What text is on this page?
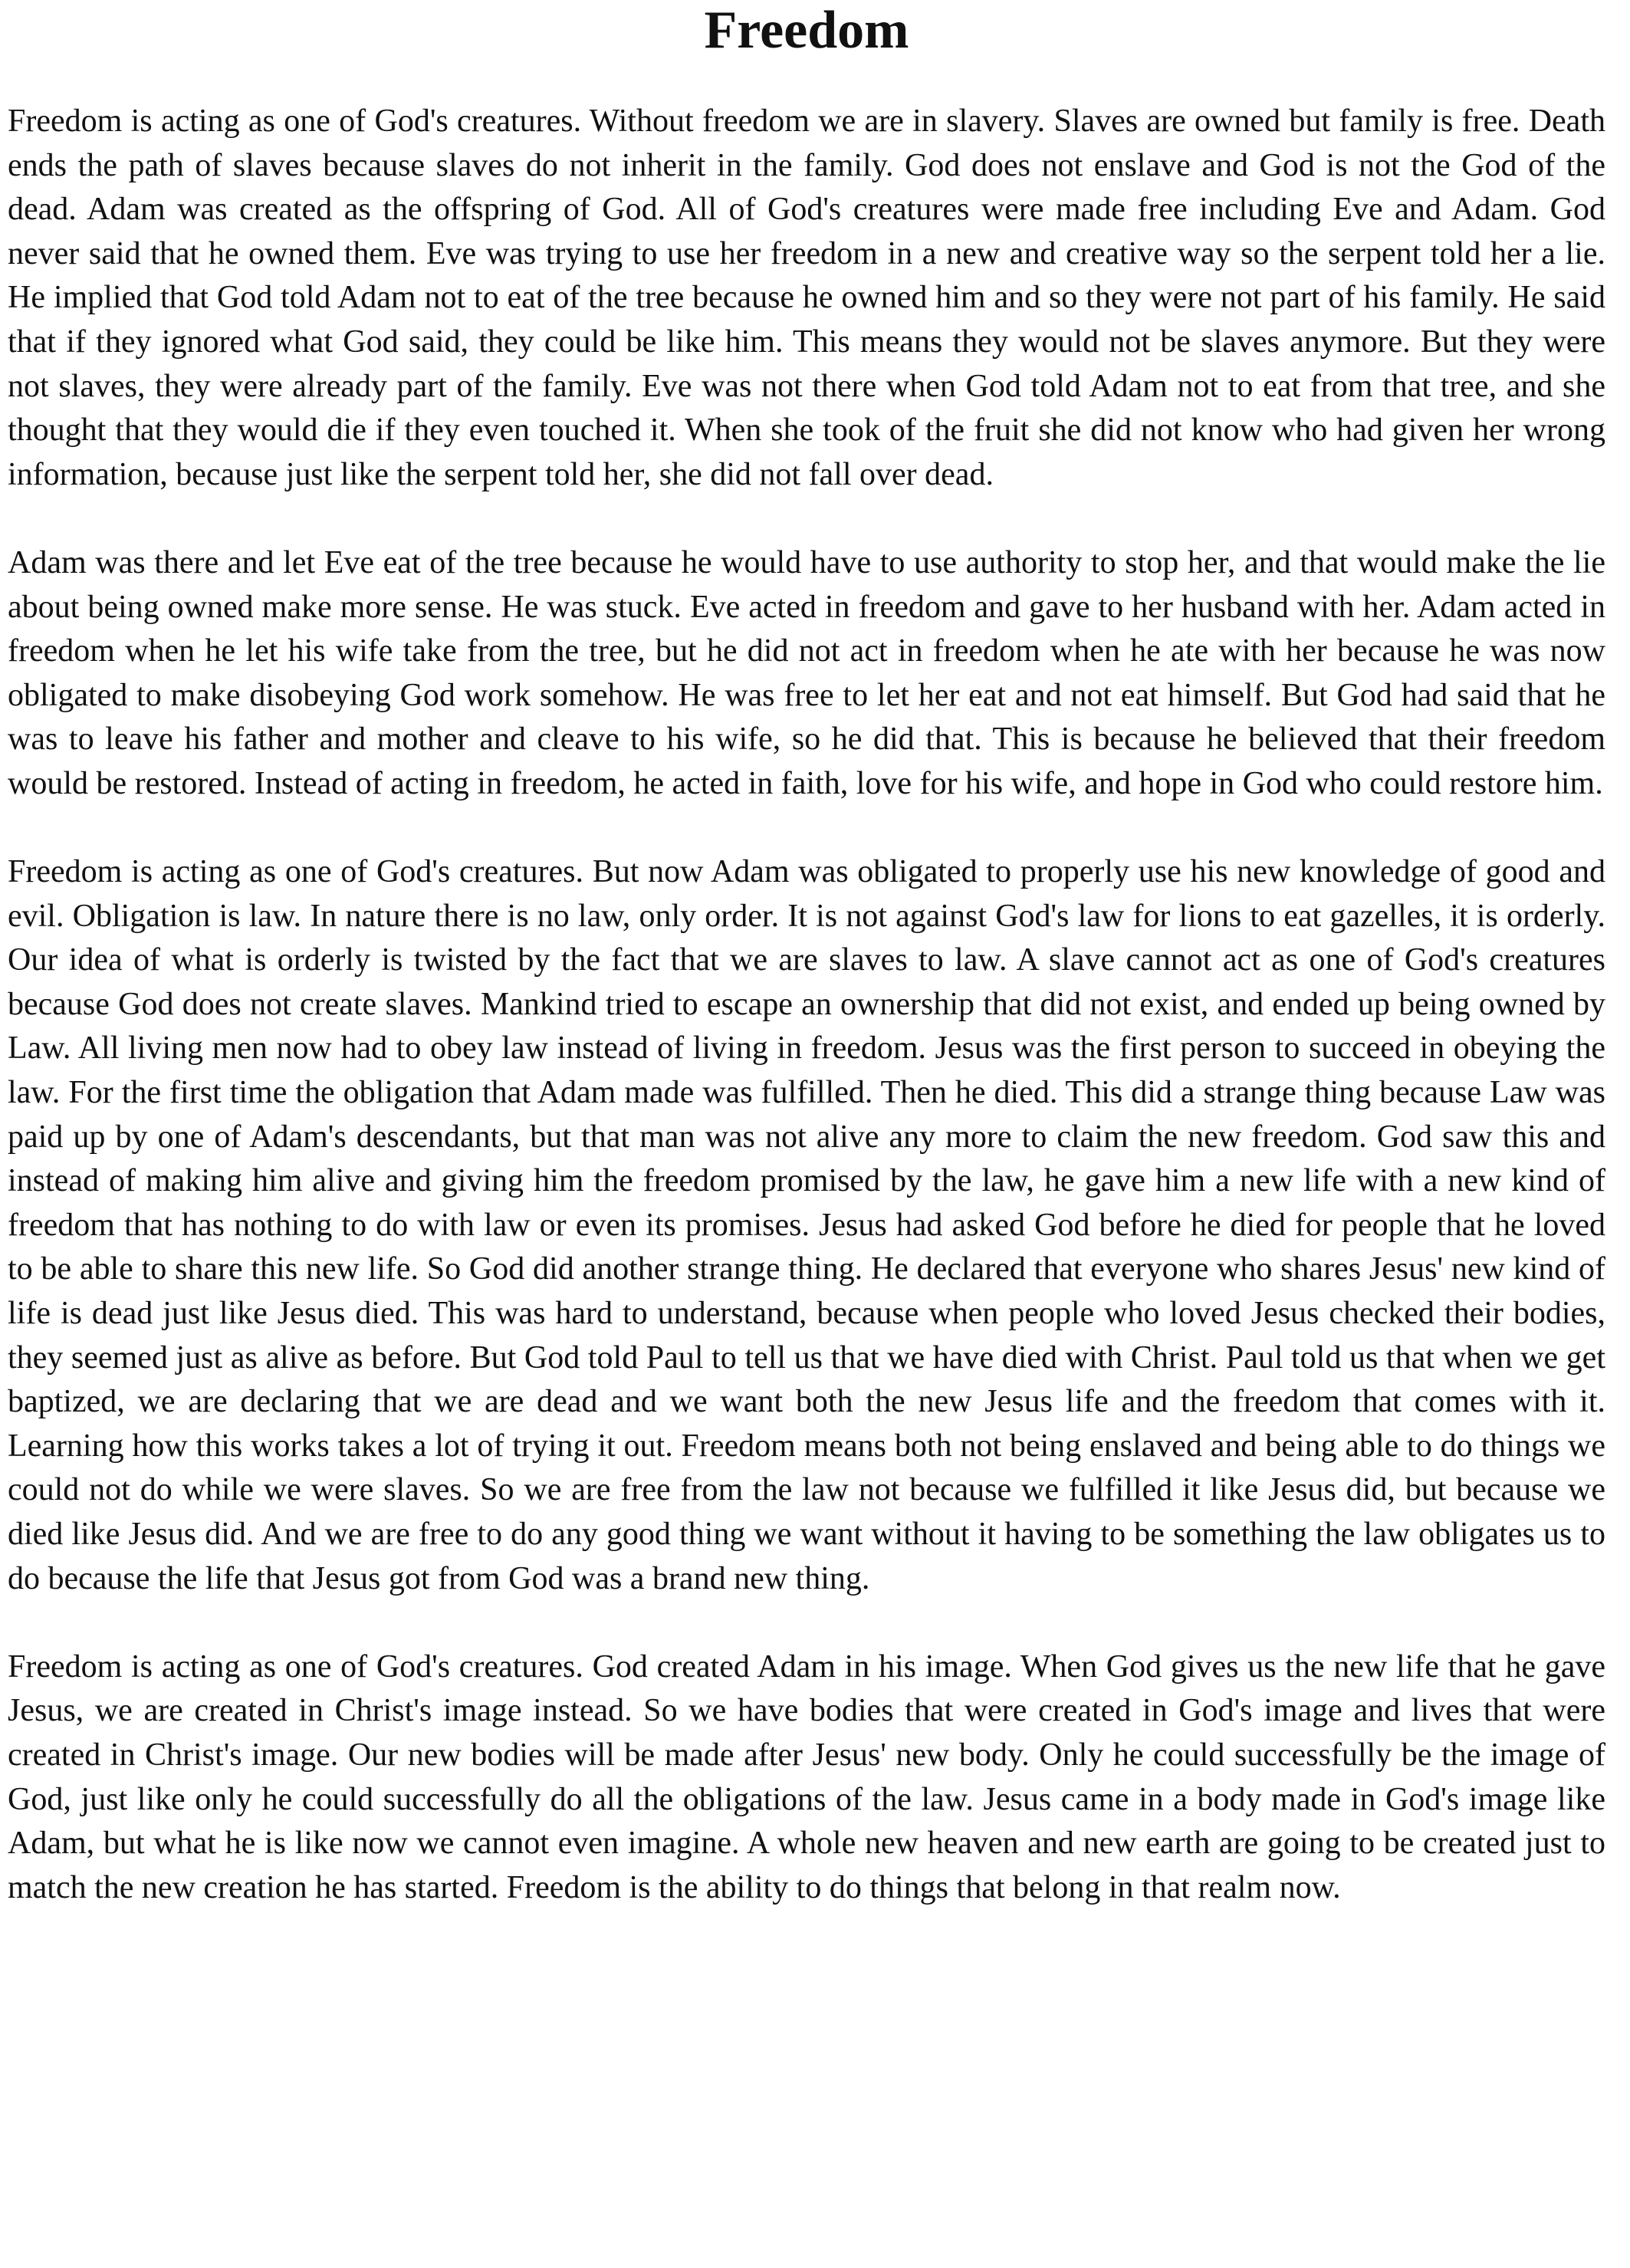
Freedom

Freedom is acting as one of God's creatures. Without freedom we are in slavery. Slaves are owned but family is free. Death ends the path of slaves because slaves do not inherit in the family. God does not enslave and God is not the God of the dead. Adam was created as the offspring of God. All of God's creatures were made free including Eve and Adam. God never said that he owned them. Eve was trying to use her freedom in a new and creative way so the serpent told her a lie. He implied that God told Adam not to eat of the tree because he owned him and so they were not part of his family. He said that if they ignored what God said, they could be like him. This means they would not be slaves anymore. But they were not slaves, they were already part of the family. Eve was not there when God told Adam not to eat from that tree, and she thought that they would die if they even touched it. When she took of the fruit she did not know who had given her wrong information, because just like the serpent told her, she did not fall over dead.

Adam was there and let Eve eat of the tree because he would have to use authority to stop her, and that would make the lie about being owned make more sense. He was stuck. Eve acted in freedom and gave to her husband with her. Adam acted in freedom when he let his wife take from the tree, but he did not act in freedom when he ate with her because he was now obligated to make disobeying God work somehow. He was free to let her eat and not eat himself. But God had said that he was to leave his father and mother and cleave to his wife, so he did that. This is because he believed that their freedom would be restored. Instead of acting in freedom, he acted in faith, love for his wife, and hope in God who could restore him.

Freedom is acting as one of God's creatures. But now Adam was obligated to properly use his new knowledge of good and evil. Obligation is law. In nature there is no law, only order. It is not against God's law for lions to eat gazelles, it is orderly. Our idea of what is orderly is twisted by the fact that we are slaves to law. A slave cannot act as one of God's creatures because God does not create slaves. Mankind tried to escape an ownership that did not exist, and ended up being owned by Law. All living men now had to obey law instead of living in freedom. Jesus was the first person to succeed in obeying the law. For the first time the obligation that Adam made was fulfilled. Then he died. This did a strange thing because Law was paid up by one of Adam's descendants, but that man was not alive any more to claim the new freedom. God saw this and instead of making him alive and giving him the freedom promised by the law, he gave him a new life with a new kind of freedom that has nothing to do with law or even its promises. Jesus had asked God before he died for people that he loved to be able to share this new life. So God did another strange thing. He declared that everyone who shares Jesus' new kind of life is dead just like Jesus died. This was hard to understand, because when people who loved Jesus checked their bodies, they seemed just as alive as before. But God told Paul to tell us that we have died with Christ. Paul told us that when we get baptized, we are declaring that we are dead and we want both the new Jesus life and the freedom that comes with it. Learning how this works takes a lot of trying it out. Freedom means both not being enslaved and being able to do things we could not do while we were slaves. So we are free from the law not because we fulfilled it like Jesus did, but because we died like Jesus did. And we are free to do any good thing we want without it having to be something the law obligates us to do because the life that Jesus got from God was a brand new thing.

Freedom is acting as one of God's creatures. God created Adam in his image. When God gives us the new life that he gave Jesus, we are created in Christ's image instead. So we have bodies that were created in God's image and lives that were created in Christ's image. Our new bodies will be made after Jesus' new body. Only he could successfully be the image of God, just like only he could successfully do all the obligations of the law. Jesus came in a body made in God's image like Adam, but what he is like now we cannot even imagine. A whole new heaven and new earth are going to be created just to match the new creation he has started. Freedom is the ability to do things that belong in that realm now.
